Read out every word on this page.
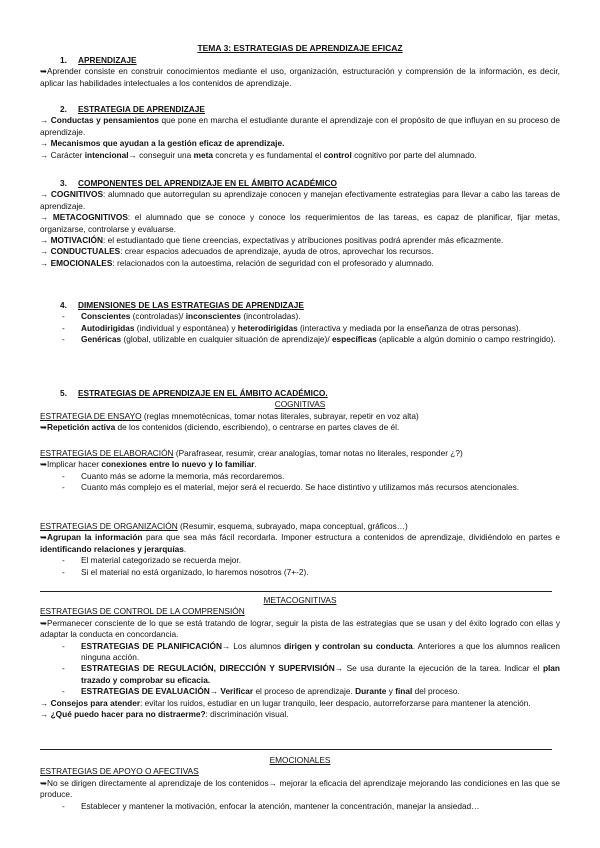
TEMA 3: ESTRATEGIAS DE APRENDIZAJE EFICAZ
1. APRENDIZAJE

➥Aprender consiste en construir conocimientos mediante el uso, organización, estructuración y comprensión de la información, es decir, aplicar las habilidades intelectuales a los contenidos de aprendizaje.

2. ESTRATEGIA DE APRENDIZAJE

→ Conductas y pensamientos que pone en marcha el estudiante durante el aprendizaje con el propósito de que influyan en su proceso de aprendizaje.

→ Mecanismos que ayudan a la gestión eficaz de aprendizaje.

→ Carácter intencional→ conseguir una meta concreta y es fundamental el control cognitivo por parte del alumnado.

3. COMPONENTES DEL APRENDIZAJE EN EL ÁMBITO ACADÉMICO

→ COGNITIVOS: alumnado que autorregulan su aprendizaje conocen y manejan efectivamente estrategias para llevar a cabo las tareas de aprendizaje.

→ METACOGNITIVOS: el alumnado que se conoce y conoce los requerimientos de las tareas, es capaz de planificar, fijar metas, organizarse, controlarse y evaluarse.

→ MOTIVACIÓN: el estudiantado que tiene creencias, expectativas y atribuciones positivas podrá aprender más eficazmente.

→ CONDUCTUALES: crear espacios adecuados de aprendizaje, ayuda de otros, aprovechar los recursos.

→ EMOCIONALES: relacionados con la autoestima, relación de seguridad con el profesorado y alumnado.

4. DIMENSIONES DE LAS ESTRATEGIAS DE APRENDIZAJE
- Conscientes (controladas)/ inconscientes (incontroladas).
- Autodirigidas (individual y espontánea) y heterodirigidas (interactiva y mediada por la enseñanza de otras personas).
- Genéricas (global, utilizable en cualquier situación de aprendizaje)/ específicas (aplicable a algún dominio o campo restringido).
5. ESTRATEGIAS DE APRENDIZAJE EN EL ÁMBITO ACADÉMICO.
COGNITIVAS

ESTRATEGIA DE ENSAYO (reglas mnemotécnicas, tomar notas literales, subrayar, repetir en voz alta)

➥Repetición activa de los contenidos (diciendo, escribiendo), o centrarse en partes claves de él.

ESTRATEGIAS DE ELABORACIÓN (Parafrasear, resumir, crear analogías, tomar notas no literales, responder ¿?)

➥Implicar hacer conexiones entre lo nuevo y lo familiar.

- Cuanto más se adorne la memoria, más recordaremos.
- Cuanto más complejo es el material, mejor será el recuerdo. Se hace distintivo y utilizamos más recursos atencionales.

ESTRATEGIAS DE ORGANIZACIÓN (Resumir, esquema, subrayado, mapa conceptual, gráficos…)

➥Agrupan la información para que sea más fácil recordarla. Imponer estructura a contenidos de aprendizaje, dividiéndolo en partes e identificando relaciones y jerarquías.

- El material categorizado se recuerda mejor.
- Si el material no está organizado, lo haremos nosotros (7+-2).
METACOGNITIVAS

ESTRATEGIAS DE CONTROL DE LA COMPRENSIÓN

➥Permanecer consciente de lo que se está tratando de lograr, seguir la pista de las estrategias que se usan y del éxito logrado con ellas y adaptar la conducta en concordancia.

- ESTRATEGIAS DE PLANIFICACIÓN→ Los alumnos dirigen y controlan su conducta. Anteriores a que los alumnos realicen ninguna acción.
- ESTRATEGIAS DE REGULACIÓN, DIRECCIÓN Y SUPERVISIÓN→ Se usa durante la ejecución de la tarea. Indicar el plan trazado y comprobar su eficacia.
- ESTRATEGIAS DE EVALUACIÓN→ Verificar el proceso de aprendizaje. Durante y final del proceso.

→ Consejos para atender: evitar los ruidos, estudiar en un lugar tranquilo, leer despacio, autorreforzarse para mantener la atención.

→ ¿Qué puedo hacer para no distraerme?: discriminación visual.

EMOCIONALES

ESTRATEGIAS DE APOYO O AFECTIVAS

➥No se dirigen directamente al aprendizaje de los contenidos→ mejorar la eficacia del aprendizaje mejorando las condiciones en las que se produce.

- Establecer y mantener la motivación, enfocar la atención, mantener la concentración, manejar la ansiedad…
